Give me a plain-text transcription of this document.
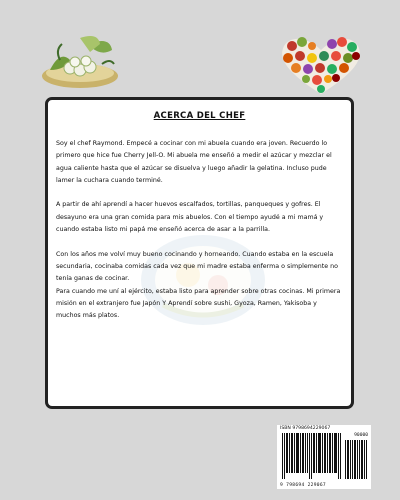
ACERCA DEL CHEF

Soy el chef Raymond. Empecé a cocinar con mi abuela cuando era joven. Recuerdo lo primero que hice fue Cherry Jell-O. Mi abuela me enseñó a medir el azúcar y mezclar el agua caliente hasta que el azúcar se disuelva y luego añadir la gelatina. Incluso pude lamer la cuchara cuando terminé.

A partir de ahí aprendí a hacer huevos escalfados, tortillas, panqueques y gofres. El desayuno era una gran comida para mis abuelos. Con el tiempo ayudé a mi mamá y cuando estaba listo mi papá me enseñó acerca de asar a la parrilla.

Con los años me volví muy bueno cocinando y horneando. Cuando estaba en la escuela secundaria, cocinaba comidas cada vez que mi madre estaba enferma o simplemente no tenía ganas de cocinar.

Para cuando me uní al ejército, estaba listo para aprender sobre otras cocinas. Mi primera misión en el extranjero fue Japón Y Aprendí sobre sushi, Gyoza, Ramen, Yakisoba y muchos más platos.

ISBN 9798694229067
90000
9 798694 229067
